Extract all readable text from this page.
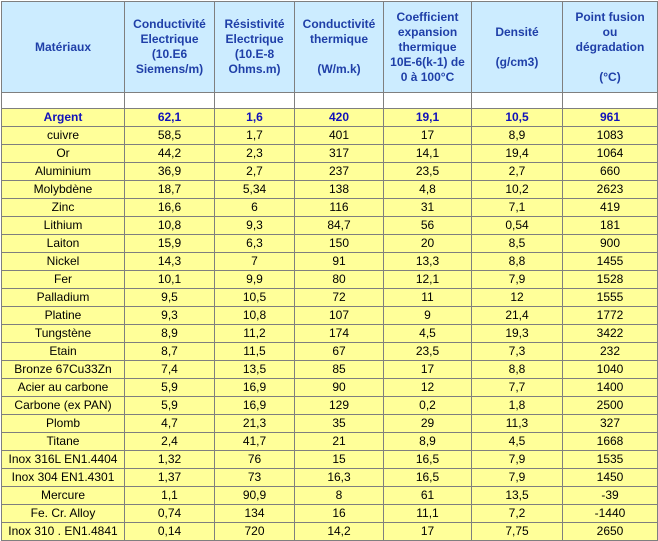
Matériaux	Conductivité
Electrique
(10.E6
Siemens/m)	Résistivité
Electrique
(10.E-8
Ohms.m)	Conductivité
thermique

(W/m.k)	Coefficient
expansion
thermique
10E-6(k-1) de
0 à 100°C	Densité

(g/cm3)	Point fusion
ou
dégradation

(°C)

Argent	62,1	1,6	420	19,1	10,5	961
cuivre	58,5	1,7	401	17	8,9	1083
Or	44,2	2,3	317	14,1	19,4	1064
Aluminium	36,9	2,7	237	23,5	2,7	660
Molybdène	18,7	5,34	138	4,8	10,2	2623
Zinc	16,6	6	116	31	7,1	419
Lithium	10,8	9,3	84,7	56	0,54	181
Laiton	15,9	6,3	150	20	8,5	900
Nickel	14,3	7	91	13,3	8,8	1455
Fer	10,1	9,9	80	12,1	7,9	1528
Palladium	9,5	10,5	72	11	12	1555
Platine	9,3	10,8	107	9	21,4	1772
Tungstène	8,9	11,2	174	4,5	19,3	3422
Etain	8,7	11,5	67	23,5	7,3	232
Bronze 67Cu33Zn	7,4	13,5	85	17	8,8	1040
Acier au carbone	5,9	16,9	90	12	7,7	1400
Carbone (ex PAN)	5,9	16,9	129	0,2	1,8	2500
Plomb	4,7	21,3	35	29	11,3	327
Titane	2,4	41,7	21	8,9	4,5	1668
Inox 316L EN1.4404	1,32	76	15	16,5	7,9	1535
Inox 304 EN1.4301	1,37	73	16,3	16,5	7,9	1450
Mercure	1,1	90,9	8	61	13,5	-39
Fe. Cr. Alloy	0,74	134	16	11,1	7,2	-1440
Inox 310 . EN1.4841	0,14	720	14,2	17	7,75	2650
